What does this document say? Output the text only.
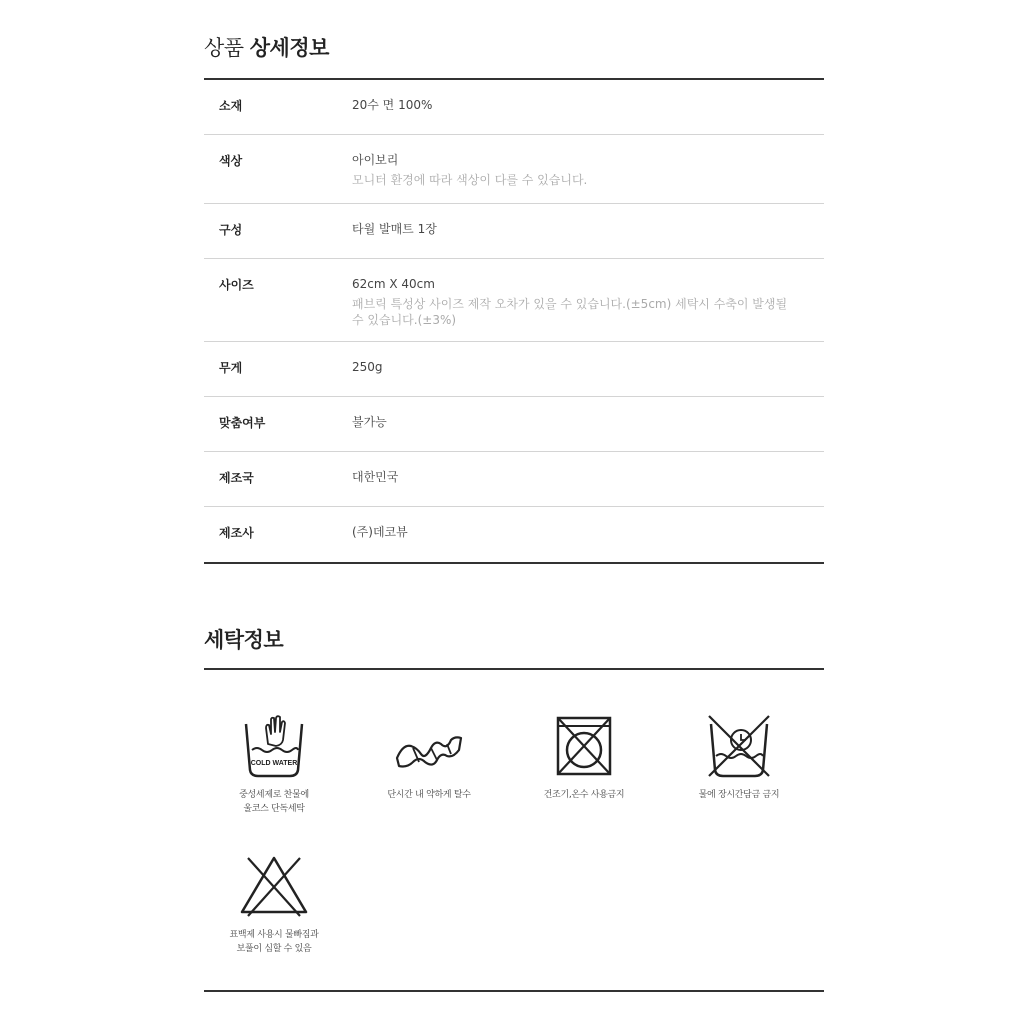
상품 상세정보
소재	20수 면 100%
색상	아이보리
모니터 환경에 따라 색상이 다를 수 있습니다.
구성	타월 발매트 1장
사이즈	62cm X 40cm
패브릭 특성상 사이즈 제작 오차가 있을 수 있습니다.(±5cm) 세탁시 수축이 발생될 수 있습니다.(±3%)
무게	250g
맞춤여부	불가능
제조국	대한민국
제조사	(주)데코뷰
세탁정보
COLD WATER
중성세제로 찬물에
울코스 단독세탁
단시간 내 약하게 탈수	건조기,온수 사용금지	물에 장시간담금 금지
표백제 사용시 물빠짐과
보풀이 심할 수 있음
